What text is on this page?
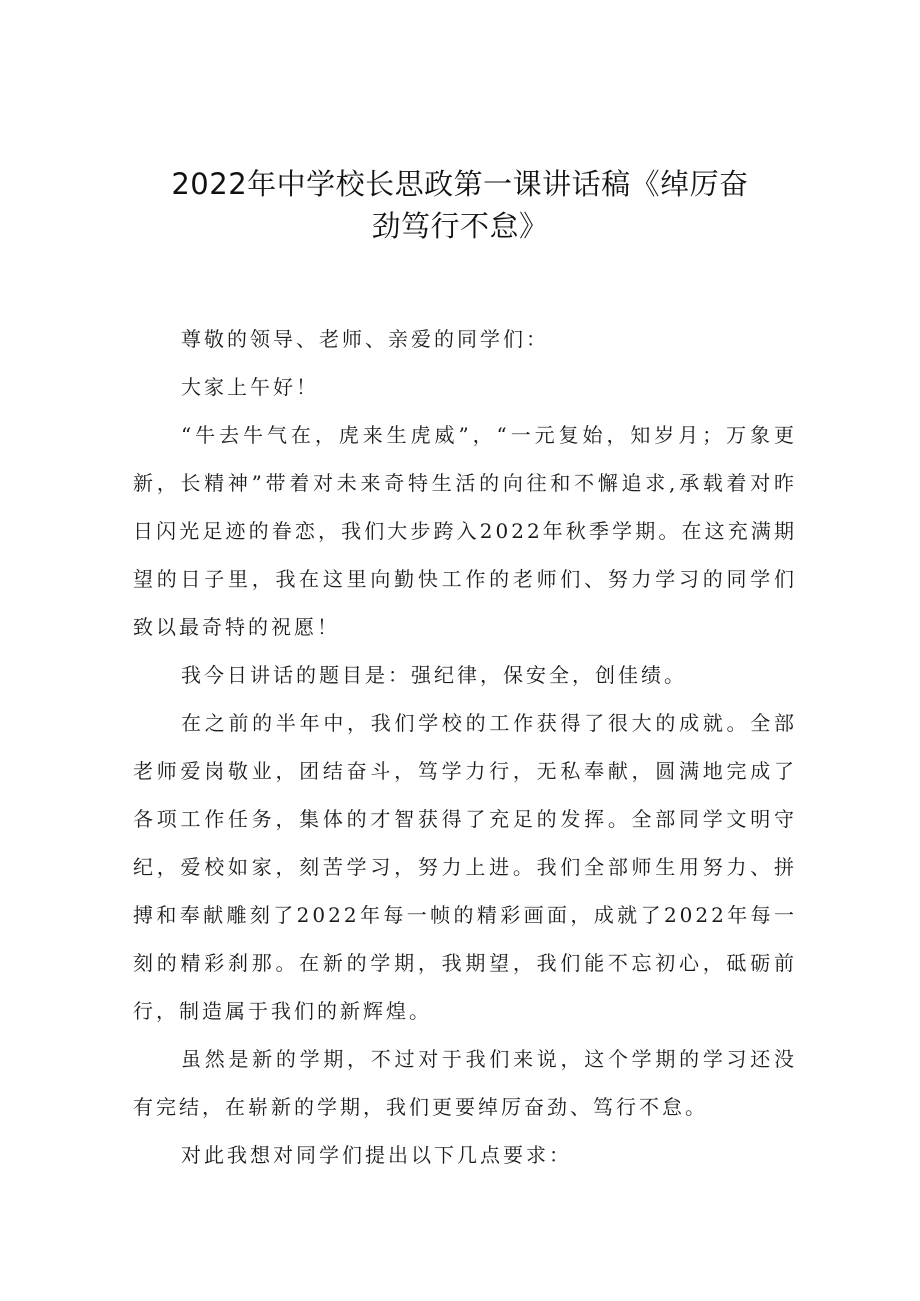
2022年中学校长思政第一课讲话稿《绰厉奋
劲笃行不怠》

尊敬的领导、老师、亲爱的同学们：

大家上午好！

“牛去牛气在，虎来生虎威”，“一元复始，知岁月；万象更新，长精神”带着对未来奇特生活的向往和不懈追求,承载着对昨日闪光足迹的眷恋，我们大步跨入2022年秋季学期。在这充满期望的日子里，我在这里向勤快工作的老师们、努力学习的同学们致以最奇特的祝愿！

我今日讲话的题目是：强纪律，保安全，创佳绩。

在之前的半年中，我们学校的工作获得了很大的成就。全部老师爱岗敬业，团结奋斗，笃学力行，无私奉献，圆满地完成了各项工作任务，集体的才智获得了充足的发挥。全部同学文明守纪，爱校如家，刻苦学习，努力上进。我们全部师生用努力、拼搏和奉献雕刻了2022年每一帧的精彩画面，成就了2022年每一刻的精彩刹那。在新的学期，我期望，我们能不忘初心，砥砺前行，制造属于我们的新辉煌。

虽然是新的学期，不过对于我们来说，这个学期的学习还没有完结，在崭新的学期，我们更要绰厉奋劲、笃行不怠。

对此我想对同学们提出以下几点要求：
